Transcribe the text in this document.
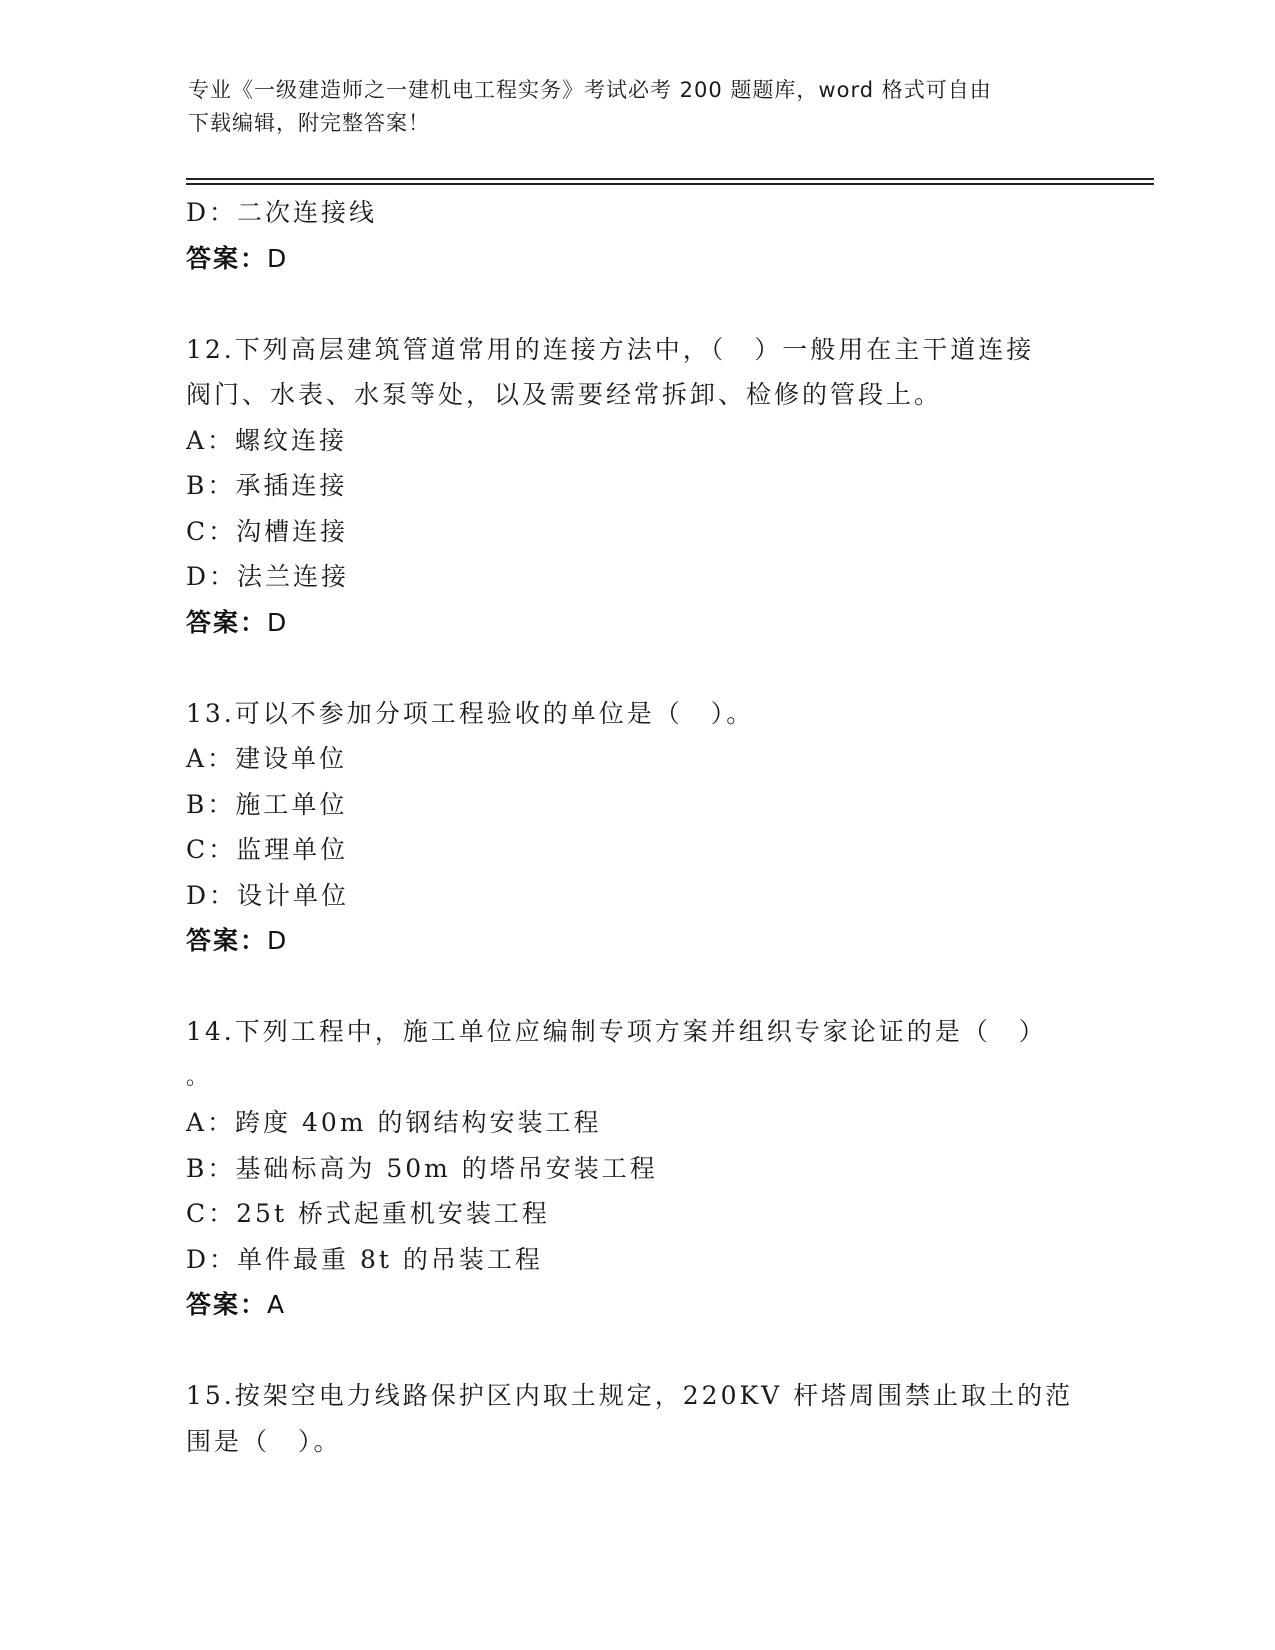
专业《一级建造师之一建机电工程实务》考试必考 200 题题库，word 格式可自由
下载编辑，附完整答案！
D：二次连接线
答案：D
12.下列高层建筑管道常用的连接方法中，（　）一般用在主干道连接
阀门、水表、水泵等处，以及需要经常拆卸、检修的管段上。
A：螺纹连接
B：承插连接
C：沟槽连接
D：法兰连接
答案：D
13.可以不参加分项工程验收的单位是（　）。
A：建设单位
B：施工单位
C：监理单位
D：设计单位
答案：D
14.下列工程中，施工单位应编制专项方案并组织专家论证的是（　）
。
A：跨度 40m 的钢结构安装工程
B：基础标高为 50m 的塔吊安装工程
C：25t 桥式起重机安装工程
D：单件最重 8t 的吊装工程
答案：A
15.按架空电力线路保护区内取土规定，220KV 杆塔周围禁止取土的范
围是（　）。
